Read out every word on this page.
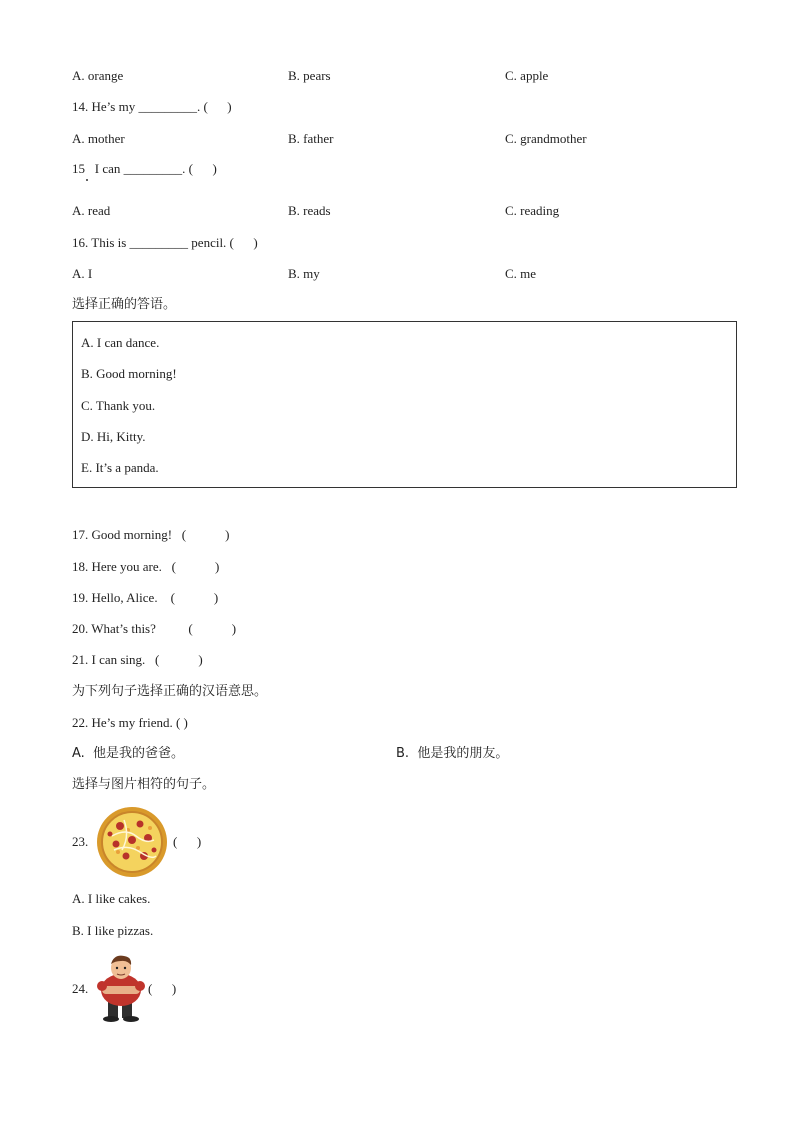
A. orange	B. pears	C. apple
14. He’s my _________. (      )
A. mother	B. father	C. grandmother
15   I can _________. (      )
A. read	B. reads	C. reading
16. This is _________ pencil. (      )
A. I	B. my	C. me
选择正确的答语。
A. I can dance.
B. Good morning!
C. Thank you.
D. Hi, Kitty.
E. It’s a panda.
17. Good morning!   (            )
18. Here you are.   (            )
19. Hello, Alice.    (            )
20. What’s this?          (            )
21. I can sing.   (            )
为下列句子选择正确的汉语意思。
22. He’s my friend. ( )
A.  他是我的爸爸。	B.  他是我的朋友。
选择与图片相符的句子。
23.	(      )
A. I like cakes.
B. I like pizzas.
24.	(      )
